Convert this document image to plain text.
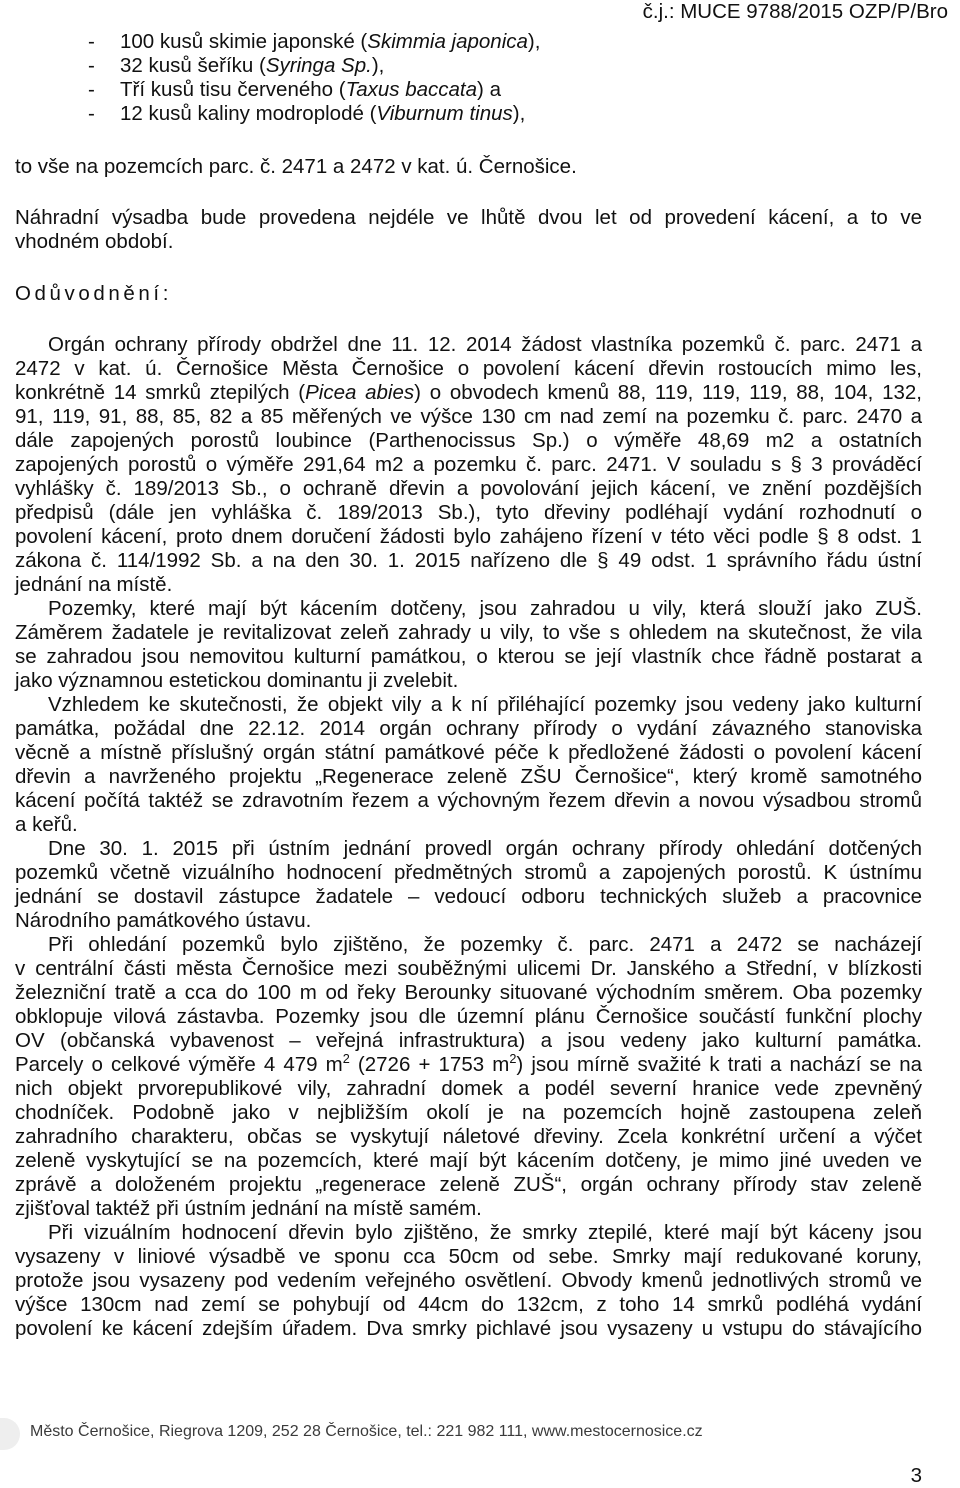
č.j.: MUCE 9788/2015 OZP/P/Bro
- 100 kusů skimie japonské (Skimmia japonica),
- 32 kusů šeříku (Syringa Sp.),
- Tří kusů tisu červeného (Taxus baccata) a
- 12 kusů kaliny modroplodé (Viburnum tinus),
to vše na pozemcích parc. č. 2471 a 2472 v kat. ú. Černošice.
Náhradní výsadba bude provedena nejdéle ve lhůtě dvou let od provedení kácení, a to ve
vhodném období.
Odůvodnění:
Orgán ochrany přírody obdržel dne 11. 12. 2014 žádost vlastníka pozemků č. parc. 2471 a
2472 v kat. ú. Černošice Města Černošice o povolení kácení dřevin rostoucích mimo les,
konkrétně 14 smrků ztepilých (Picea abies) o obvodech kmenů 88, 119, 119, 119, 88, 104, 132,
91, 119, 91, 88, 85, 82 a 85 měřených ve výšce 130 cm nad zemí na pozemku č. parc. 2470 a
dále zapojených porostů loubince (Parthenocissus Sp.) o výměře 48,69 m2 a ostatních
zapojených porostů o výměře 291,64 m2 a pozemku č. parc. 2471. V souladu s § 3 prováděcí
vyhlášky č. 189/2013 Sb., o ochraně dřevin a povolování jejich kácení, ve znění pozdějších
předpisů (dále jen vyhláška č. 189/2013 Sb.), tyto dřeviny podléhají vydání rozhodnutí o
povolení kácení, proto dnem doručení žádosti bylo zahájeno řízení v této věci podle § 8 odst. 1
zákona č. 114/1992 Sb. a na den 30. 1. 2015 nařízeno dle § 49 odst. 1 správního řádu ústní
jednání na místě.
Pozemky, které mají být kácením dotčeny, jsou zahradou u vily, která slouží jako ZUŠ.
Záměrem žadatele je revitalizovat zeleň zahrady u vily, to vše s ohledem na skutečnost, že vila
se zahradou jsou nemovitou kulturní památkou, o kterou se její vlastník chce řádně postarat a
jako významnou estetickou dominantu ji zvelebit.
Vzhledem ke skutečnosti, že objekt vily a k ní přiléhající pozemky jsou vedeny jako kulturní
památka, požádal dne 22.12. 2014 orgán ochrany přírody o vydání závazného stanoviska
věcně a místně příslušný orgán státní památkové péče k předložené žádosti o povolení kácení
dřevin a navrženého projektu „Regenerace zeleně ZŠU Černošice“, který kromě samotného
kácení počítá taktéž se zdravotním řezem a výchovným řezem dřevin a novou výsadbou stromů
a keřů.
Dne 30. 1. 2015 při ústním jednání provedl orgán ochrany přírody ohledání dotčených
pozemků včetně vizuálního hodnocení předmětných stromů a zapojených porostů. K ústnímu
jednání se dostavil zástupce žadatele – vedoucí odboru technických služeb a pracovnice
Národního památkového ústavu.
Při ohledání pozemků bylo zjištěno, že pozemky č. parc. 2471 a 2472 se nacházejí
v centrální části města Černošice mezi souběžnými ulicemi Dr. Janského a Střední, v blízkosti
železniční tratě a cca do 100 m od řeky Berounky situované východním směrem. Oba pozemky
obklopuje vilová zástavba. Pozemky jsou dle územní plánu Černošice součástí funkční plochy
OV (občanská vybavenost – veřejná infrastruktura) a jsou vedeny jako kulturní památka.
Parcely o celkové výměře 4 479 $m^2$ (2726 + 1753 $m^2$) jsou mírně svažité k trati a nachází se na
nich objekt prvorepublikové vily, zahradní domek a podél severní hranice vede zpevněný
chodníček. Podobně jako v nejbližším okolí je na pozemcích hojně zastoupena zeleň
zahradního charakteru, občas se vyskytují náletové dřeviny. Zcela konkrétní určení a výčet
zeleně vyskytující se na pozemcích, které mají být kácením dotčeny, je mimo jiné uveden ve
zprávě a doloženém projektu „regenerace zeleně ZUŠ“, orgán ochrany přírody stav zeleně
zjišťoval taktéž při ústním jednání na místě samém.
Při vizuálním hodnocení dřevin bylo zjištěno, že smrky ztepilé, které mají být káceny jsou
vysazeny v liniové výsadbě ve sponu cca 50cm od sebe. Smrky mají redukované koruny,
protože jsou vysazeny pod vedením veřejného osvětlení. Obvody kmenů jednotlivých stromů ve
výšce 130cm nad zemí se pohybují od 44cm do 132cm, z toho 14 smrků podléhá vydání
povolení ke kácení zdejším úřadem. Dva smrky pichlavé jsou vysazeny u vstupu do stávajícího
Město Černošice, Riegrova 1209, 252 28 Černošice, tel.: 221 982 111, www.mestocernosice.cz
3
